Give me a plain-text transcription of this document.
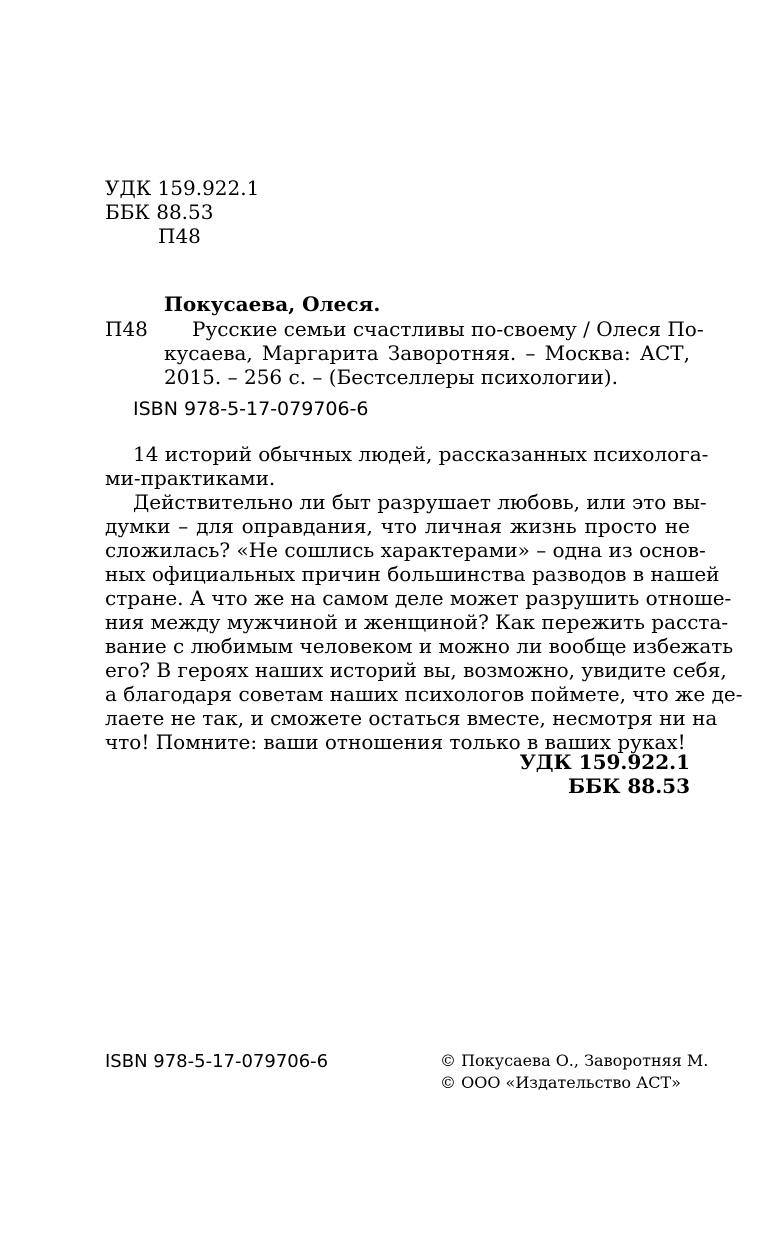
УДК 159.922.1
ББК 88.53
П48
Покусаева, Олеся.
П48 Русские семьи счастливы по-своему / Олеся По-
кусаева, Маргарита Заворотняя. – Москва: АСТ,
2015. – 256 с. – (Бестселлеры психологии).
ISBN 978-5-17-079706-6
14 историй обычных людей, рассказанных психолога-
ми-практиками.
Действительно ли быт разрушает любовь, или это вы-
думки – для оправдания, что личная жизнь просто не
сложилась? «Не сошлись характерами» – одна из основ-
ных официальных причин большинства разводов в нашей
стране. А что же на самом деле может разрушить отноше-
ния между мужчиной и женщиной? Как пережить расста-
вание с любимым человеком и можно ли вообще избежать
его? В героях наших историй вы, возможно, увидите себя,
а благодаря советам наших психологов поймете, что же де-
лаете не так, и сможете остаться вместе, несмотря ни на
что! Помните: ваши отношения только в ваших руках!
УДК 159.922.1
ББК 88.53
ISBN 978-5-17-079706-6	© Покусаева О., Заворотняя М.
© ООО «Издательство АСТ»
